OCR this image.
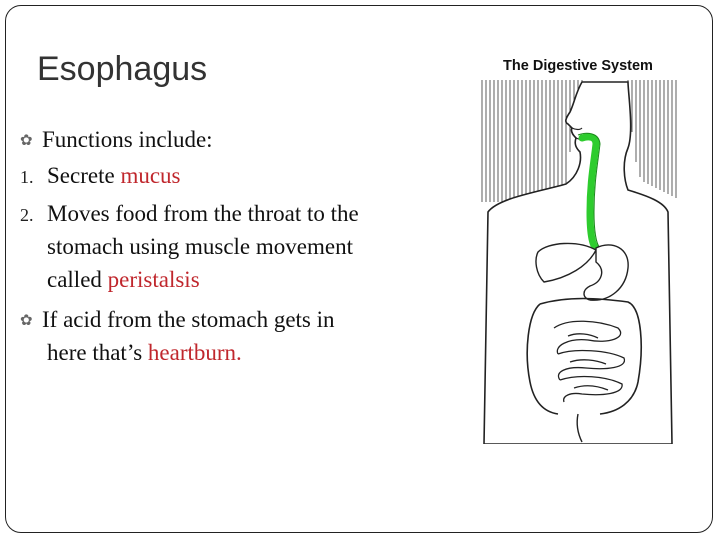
Esophagus
✿ Functions include:
1. Secrete mucus
2. Moves food from the throat to the
stomach using muscle movement
called peristalsis
✿ If acid from the stomach gets in
here that’s heartburn.
The Digestive System
